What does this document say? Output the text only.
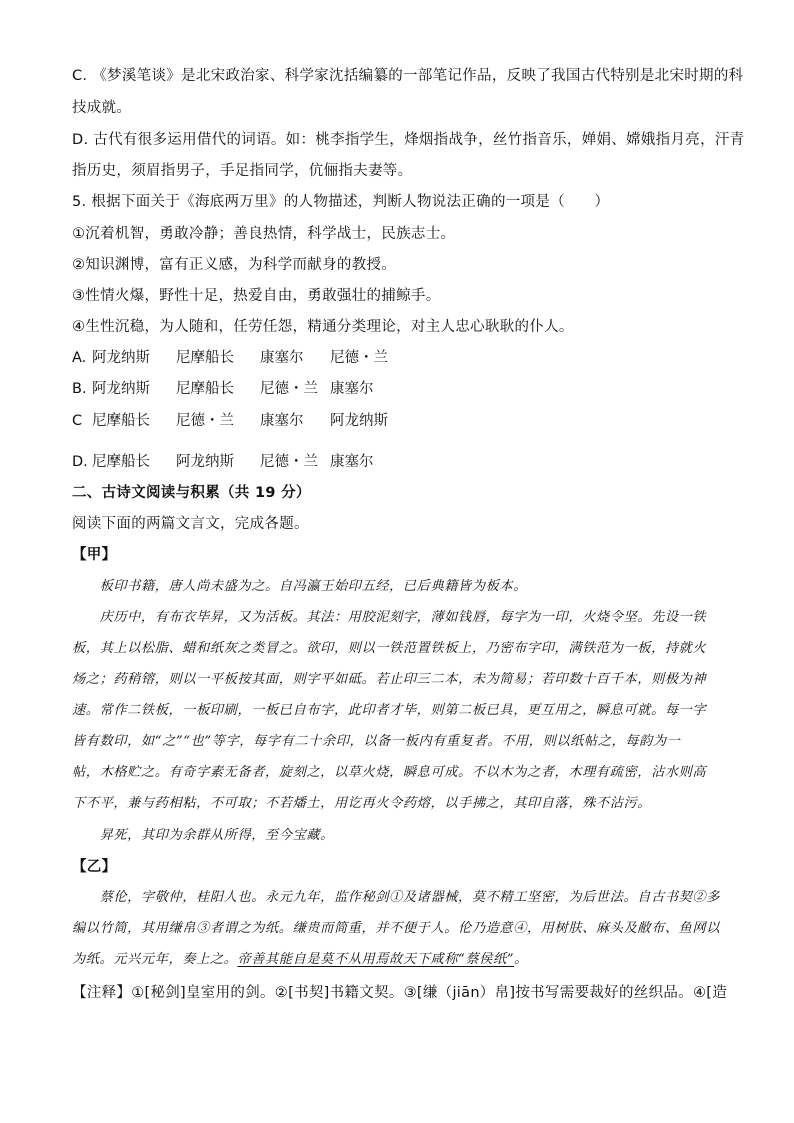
C. 《梦溪笔谈》是北宋政治家、科学家沈括编纂的一部笔记作品，反映了我国古代特别是北宋时期的科
技成就。
D. 古代有很多运用借代的词语。如：桃李指学生，烽烟指战争，丝竹指音乐，婵娟、嫦娥指月亮，汗青
指历史，须眉指男子，手足指同学，伉俪指夫妻等。
5. 根据下面关于《海底两万里》的人物描述，判断人物说法正确的一项是（　　）
①沉着机智，勇敢冷静；善良热情，科学战士，民族志士。
②知识渊博，富有正义感，为科学而献身的教授。
③性情火爆，野性十足，热爱自由，勇敢强壮的捕鲸手。
④生性沉稳，为人随和，任劳任怨，精通分类理论，对主人忠心耿耿的仆人。
A. 阿龙纳斯 尼摩船长 康塞尔 尼德・兰
B. 阿龙纳斯 尼摩船长 尼德・兰 康塞尔
C 尼摩船长 尼德・兰 康塞尔 阿龙纳斯
D. 尼摩船长 阿龙纳斯 尼德・兰 康塞尔
二、古诗文阅读与积累（共 19 分）
阅读下面的两篇文言文，完成各题。
【甲】
　　板印书籍，唐人尚未盛为之。自冯瀛王始印五经，已后典籍皆为板本。
　　庆历中，有布衣毕昇，又为活板。其法：用胶泥刻字，薄如钱唇，每字为一印，火烧令坚。先设一铁
板，其上以松脂、蜡和纸灰之类冒之。欲印，则以一铁范置铁板上，乃密布字印，满铁范为一板，持就火
炀之；药稍镕，则以一平板按其面，则字平如砥。若止印三二本，未为简易；若印数十百千本，则极为神
速。常作二铁板，一板印刷，一板已自布字，此印者才毕，则第二板已具，更互用之，瞬息可就。每一字
皆有数印，如“之”“也”等字，每字有二十余印，以备一板内有重复者。不用，则以纸帖之，每韵为一
帖，木格贮之。有奇字素无备者，旋刻之，以草火烧，瞬息可成。不以木为之者，木理有疏密，沾水则高
下不平，兼与药相粘，不可取；不若燔土，用讫再火令药熔，以手拂之，其印自落，殊不沾污。
　　昇死，其印为余群从所得，至今宝藏。
【乙】
　　蔡伦，字敬仲，桂阳人也。永元九年，监作秘剑①及诸器械，莫不精工坚密，为后世法。自古书契②多
编以竹简，其用缣帛③者谓之为纸。缣贵而简重，并不便于人。伦乃造意④，用树肤、麻头及敝布、鱼网以
为纸。元兴元年，奏上之。帝善其能自是莫不从用焉故天下咸称“蔡侯纸”。
【注释】①[秘剑]皇室用的剑。②[书契]书籍文契。③[缣（jiān）帛]按书写需要裁好的丝织品。④[造
